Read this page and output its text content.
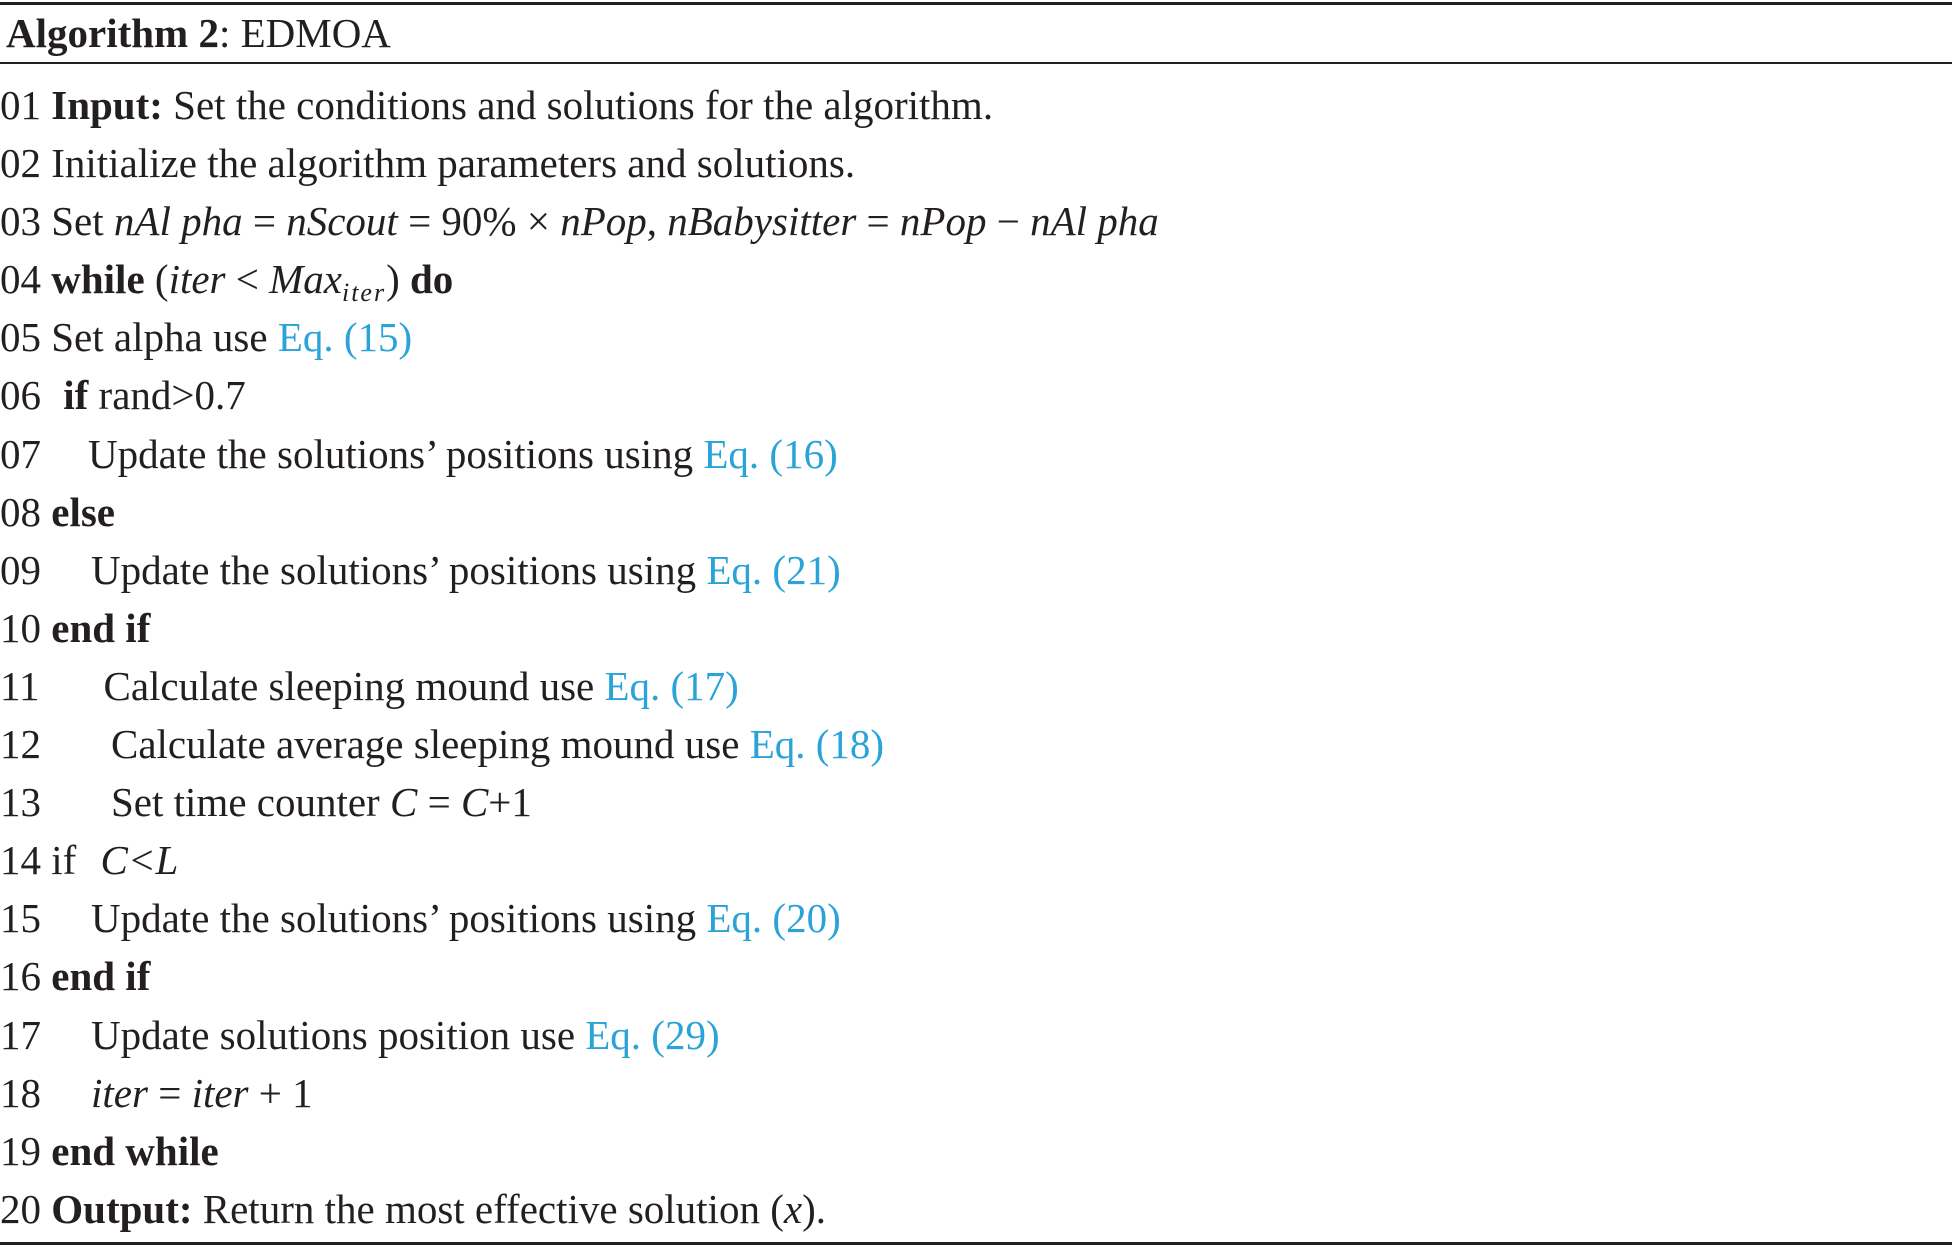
Algorithm 2: EDMOA
01 Input: Set the conditions and solutions for the algorithm.
02 Initialize the algorithm parameters and solutions.
03 Set nAl pha = nScout = 90% × nPop, nBabysitter = nPop − nAl pha
04 while (iter < Max$_{iter}$) do
05 Set alpha use Eq. (15)
06 if rand>0.7
07 Update the solutions’ positions using Eq. (16)
08 else
09 Update the solutions’ positions using Eq. (21)
10 end if
11 Calculate sleeping mound use Eq. (17)
12 Calculate average sleeping mound use Eq. (18)
13 Set time counter C = C+1
14 if C<L
15 Update the solutions’ positions using Eq. (20)
16 end if
17 Update solutions position use Eq. (29)
18 iter = iter + 1
19 end while
20 Output: Return the most effective solution (x).
